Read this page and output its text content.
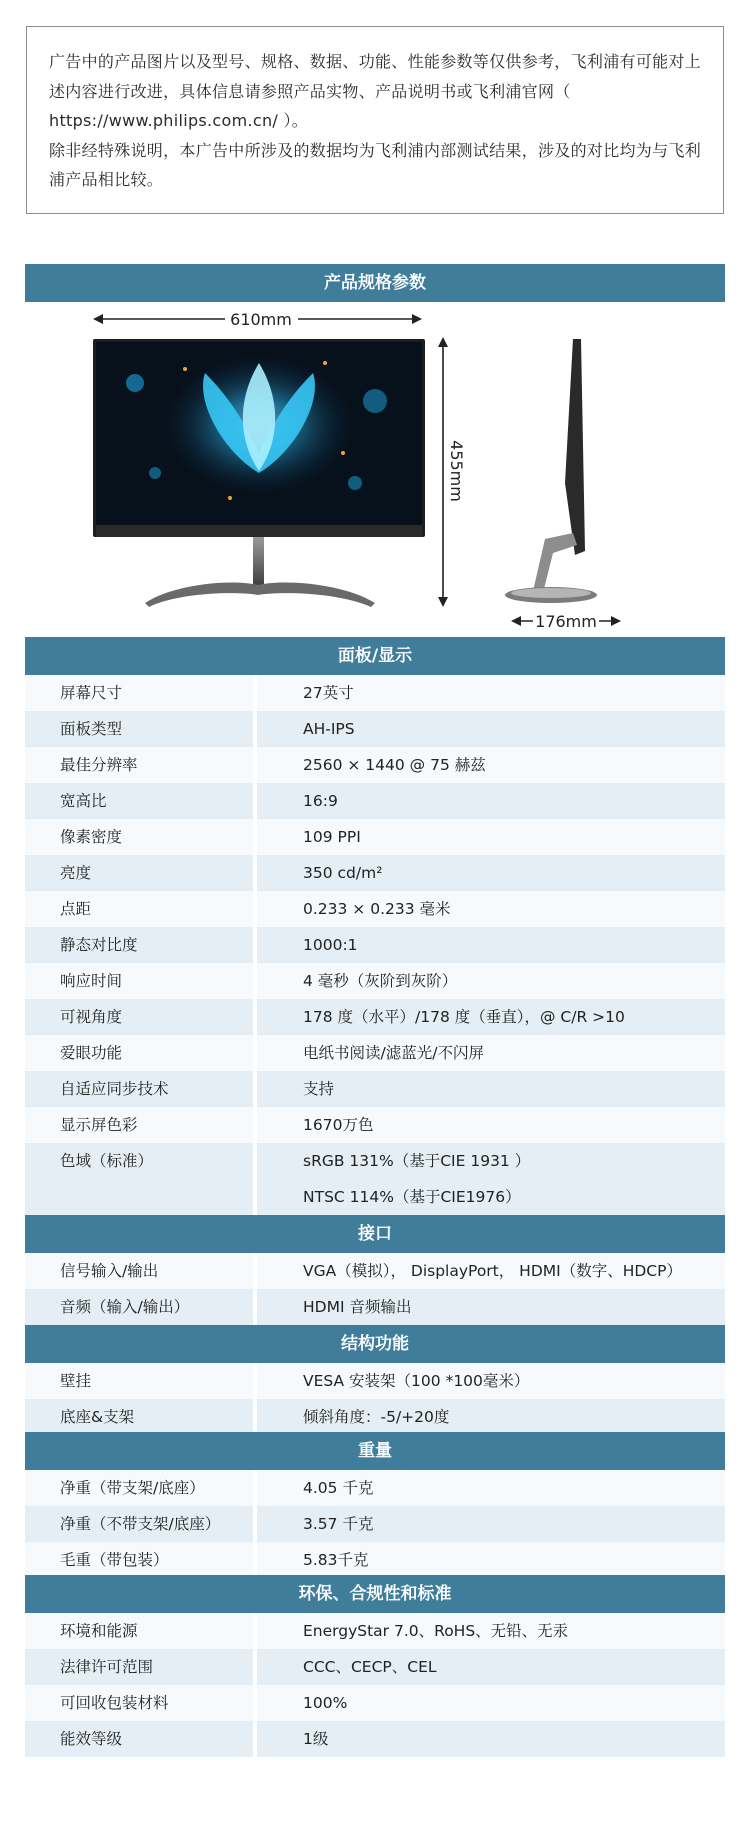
广告中的产品图片以及型号、规格、数据、功能、性能参数等仅供参考，飞利浦有可能对上述内容进行改进，具体信息请参照产品实物、产品说明书或飞利浦官网（ https://www.philips.com.cn/ ）。

除非经特殊说明，本广告中所涉及的数据均为飞利浦内部测试结果，涉及的对比均为与飞利浦产品相比较。

产品规格参数
610mm
455mm
176mm
面板/显示
屏幕尺寸	27英寸
面板类型	AH-IPS
最佳分辨率	2560 × 1440 @ 75 赫兹
宽高比	16:9
像素密度	109 PPI
亮度	350 cd/m²
点距	0.233 × 0.233 毫米
静态对比度	1000:1
响应时间	4 毫秒（灰阶到灰阶）
可视角度	178 度（水平）/178 度（垂直），@ C/R >10
爱眼功能	电纸书阅读/滤蓝光/不闪屏
自适应同步技术	支持
显示屏色彩	1670万色
色域（标准）	sRGB 131%（基于CIE 1931 ）
NTSC 114%（基于CIE1976）
接口
信号输入/输出	VGA（模拟）， DisplayPort， HDMI（数字、HDCP）
音频（输入/输出）	HDMI 音频输出
结构功能
壁挂	VESA 安装架（100 *100毫米）
底座&支架	倾斜角度：-5/+20度
重量
净重（带支架/底座）	4.05 千克
净重（不带支架/底座）	3.57 千克
毛重（带包装）	5.83千克
环保、合规性和标准
环境和能源	EnergyStar 7.0、RoHS、无铅、无汞
法律许可范围	CCC、CECP、CEL
可回收包装材料	100%
能效等级	1级
